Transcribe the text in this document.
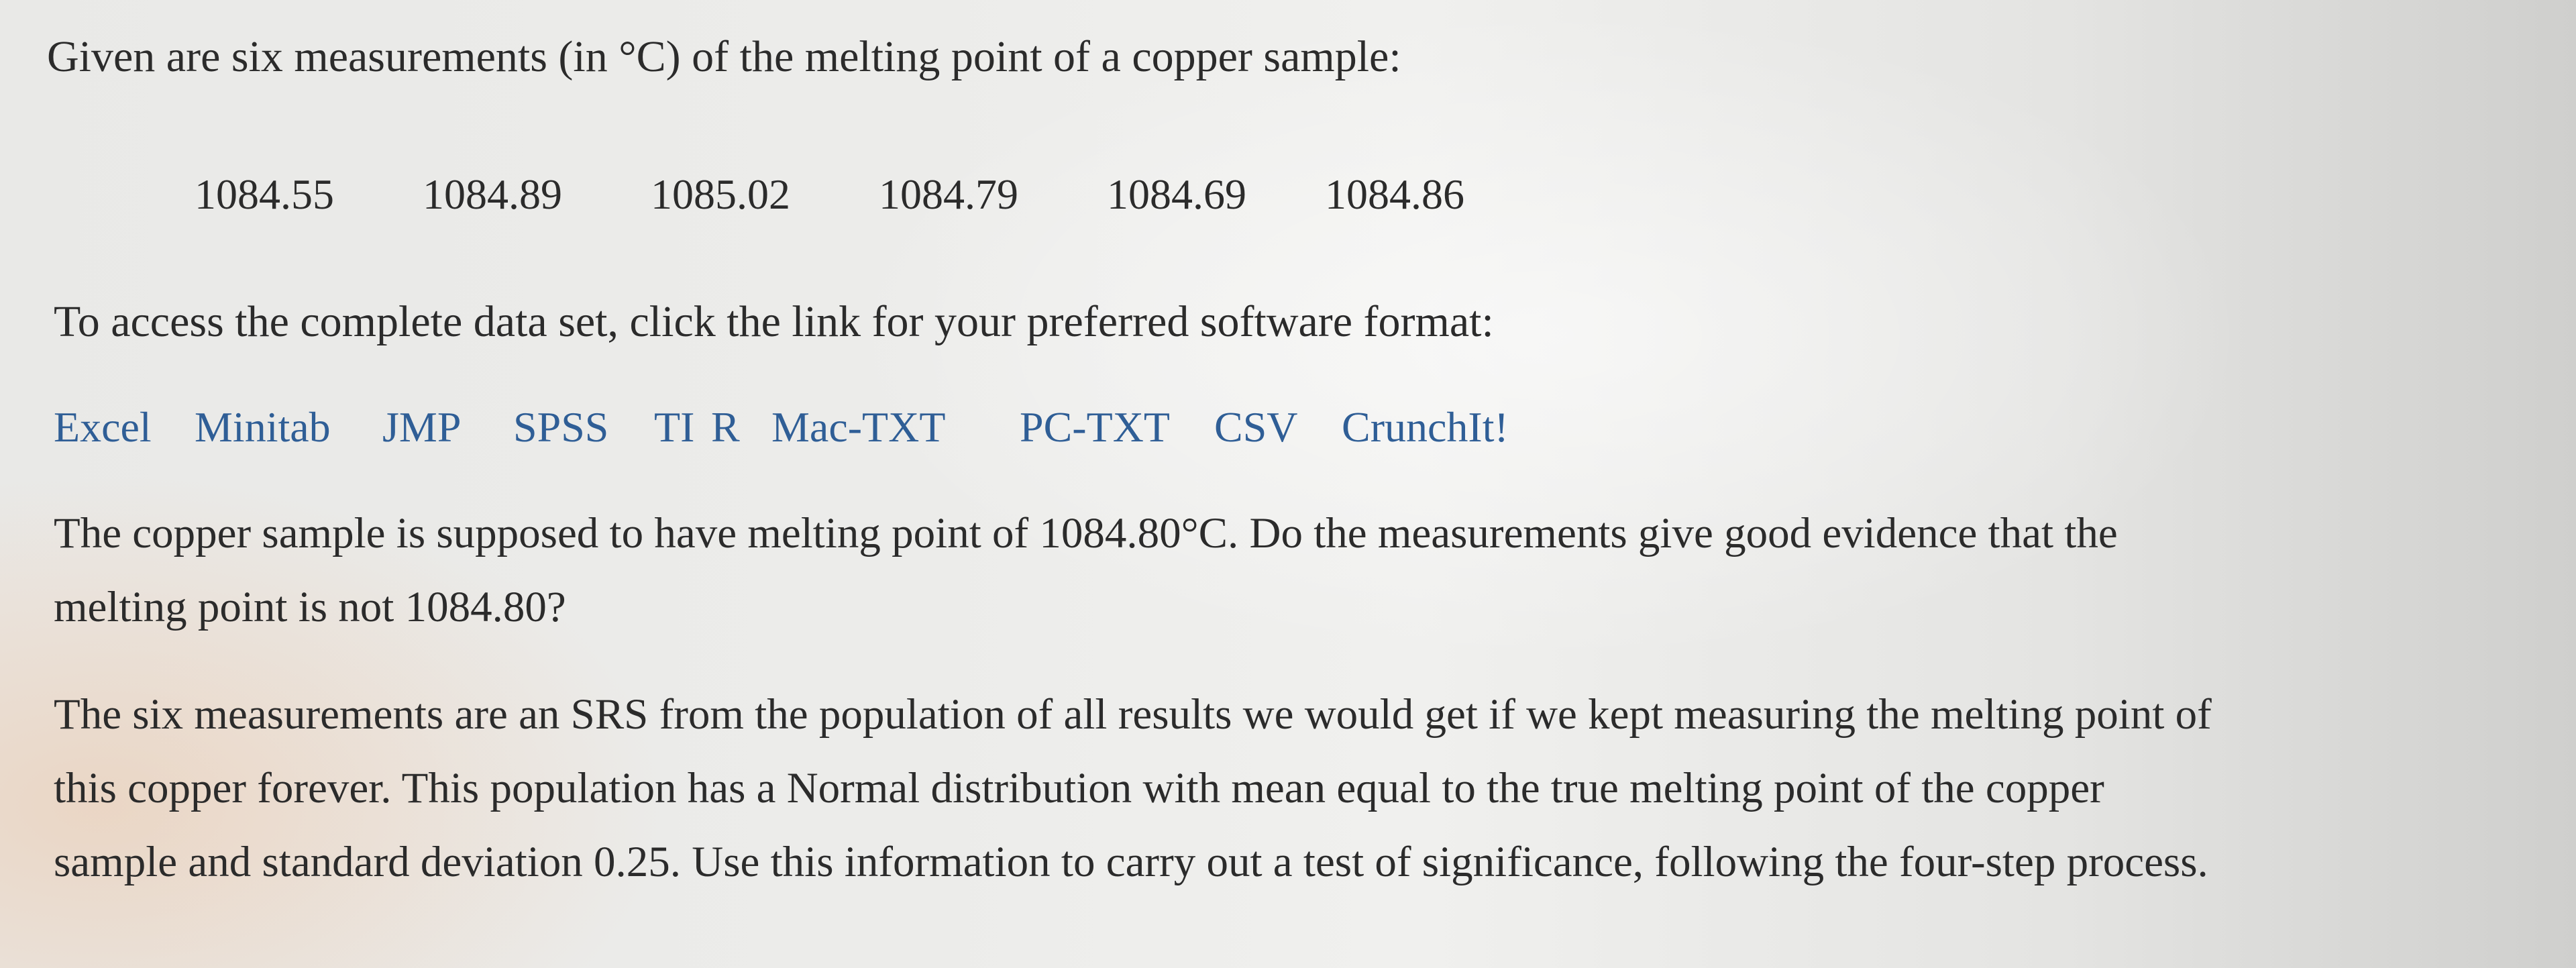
Given are six measurements (in °C) of the melting point of a copper sample:
1084.55 1084.89 1085.02 1084.79 1084.69 1084.86
To access the complete data set, click the link for your preferred software format:
Excel Minitab JMP SPSS TI R Mac-TXT PC-TXT CSV CrunchIt!
The copper sample is supposed to have melting point of 1084.80°C. Do the measurements give good evidence that the
melting point is not 1084.80?
The six measurements are an SRS from the population of all results we would get if we kept measuring the melting point of
this copper forever. This population has a Normal distribution with mean equal to the true melting point of the copper
sample and standard deviation 0.25. Use this information to carry out a test of significance, following the four-step process.
